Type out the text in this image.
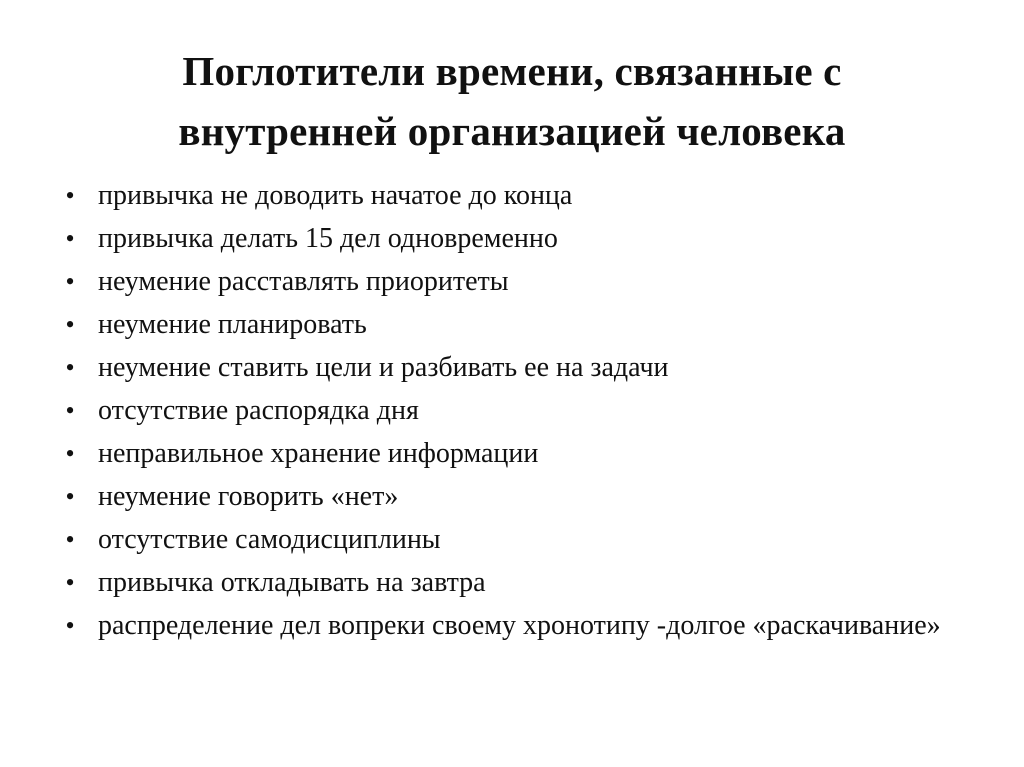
Поглотители времени, связанные с
внутренней организацией человека
• привычка не доводить начатое до конца
• привычка делать 15 дел одновременно
• неумение расставлять приоритеты
• неумение планировать
• неумение ставить цели и разбивать ее на задачи
• отсутствие распорядка дня
• неправильное хранение информации
• неумение говорить «нет»
• отсутствие самодисциплины
• привычка откладывать на завтра
• распределение дел вопреки своему хронотипу -долгое «раскачивание»
